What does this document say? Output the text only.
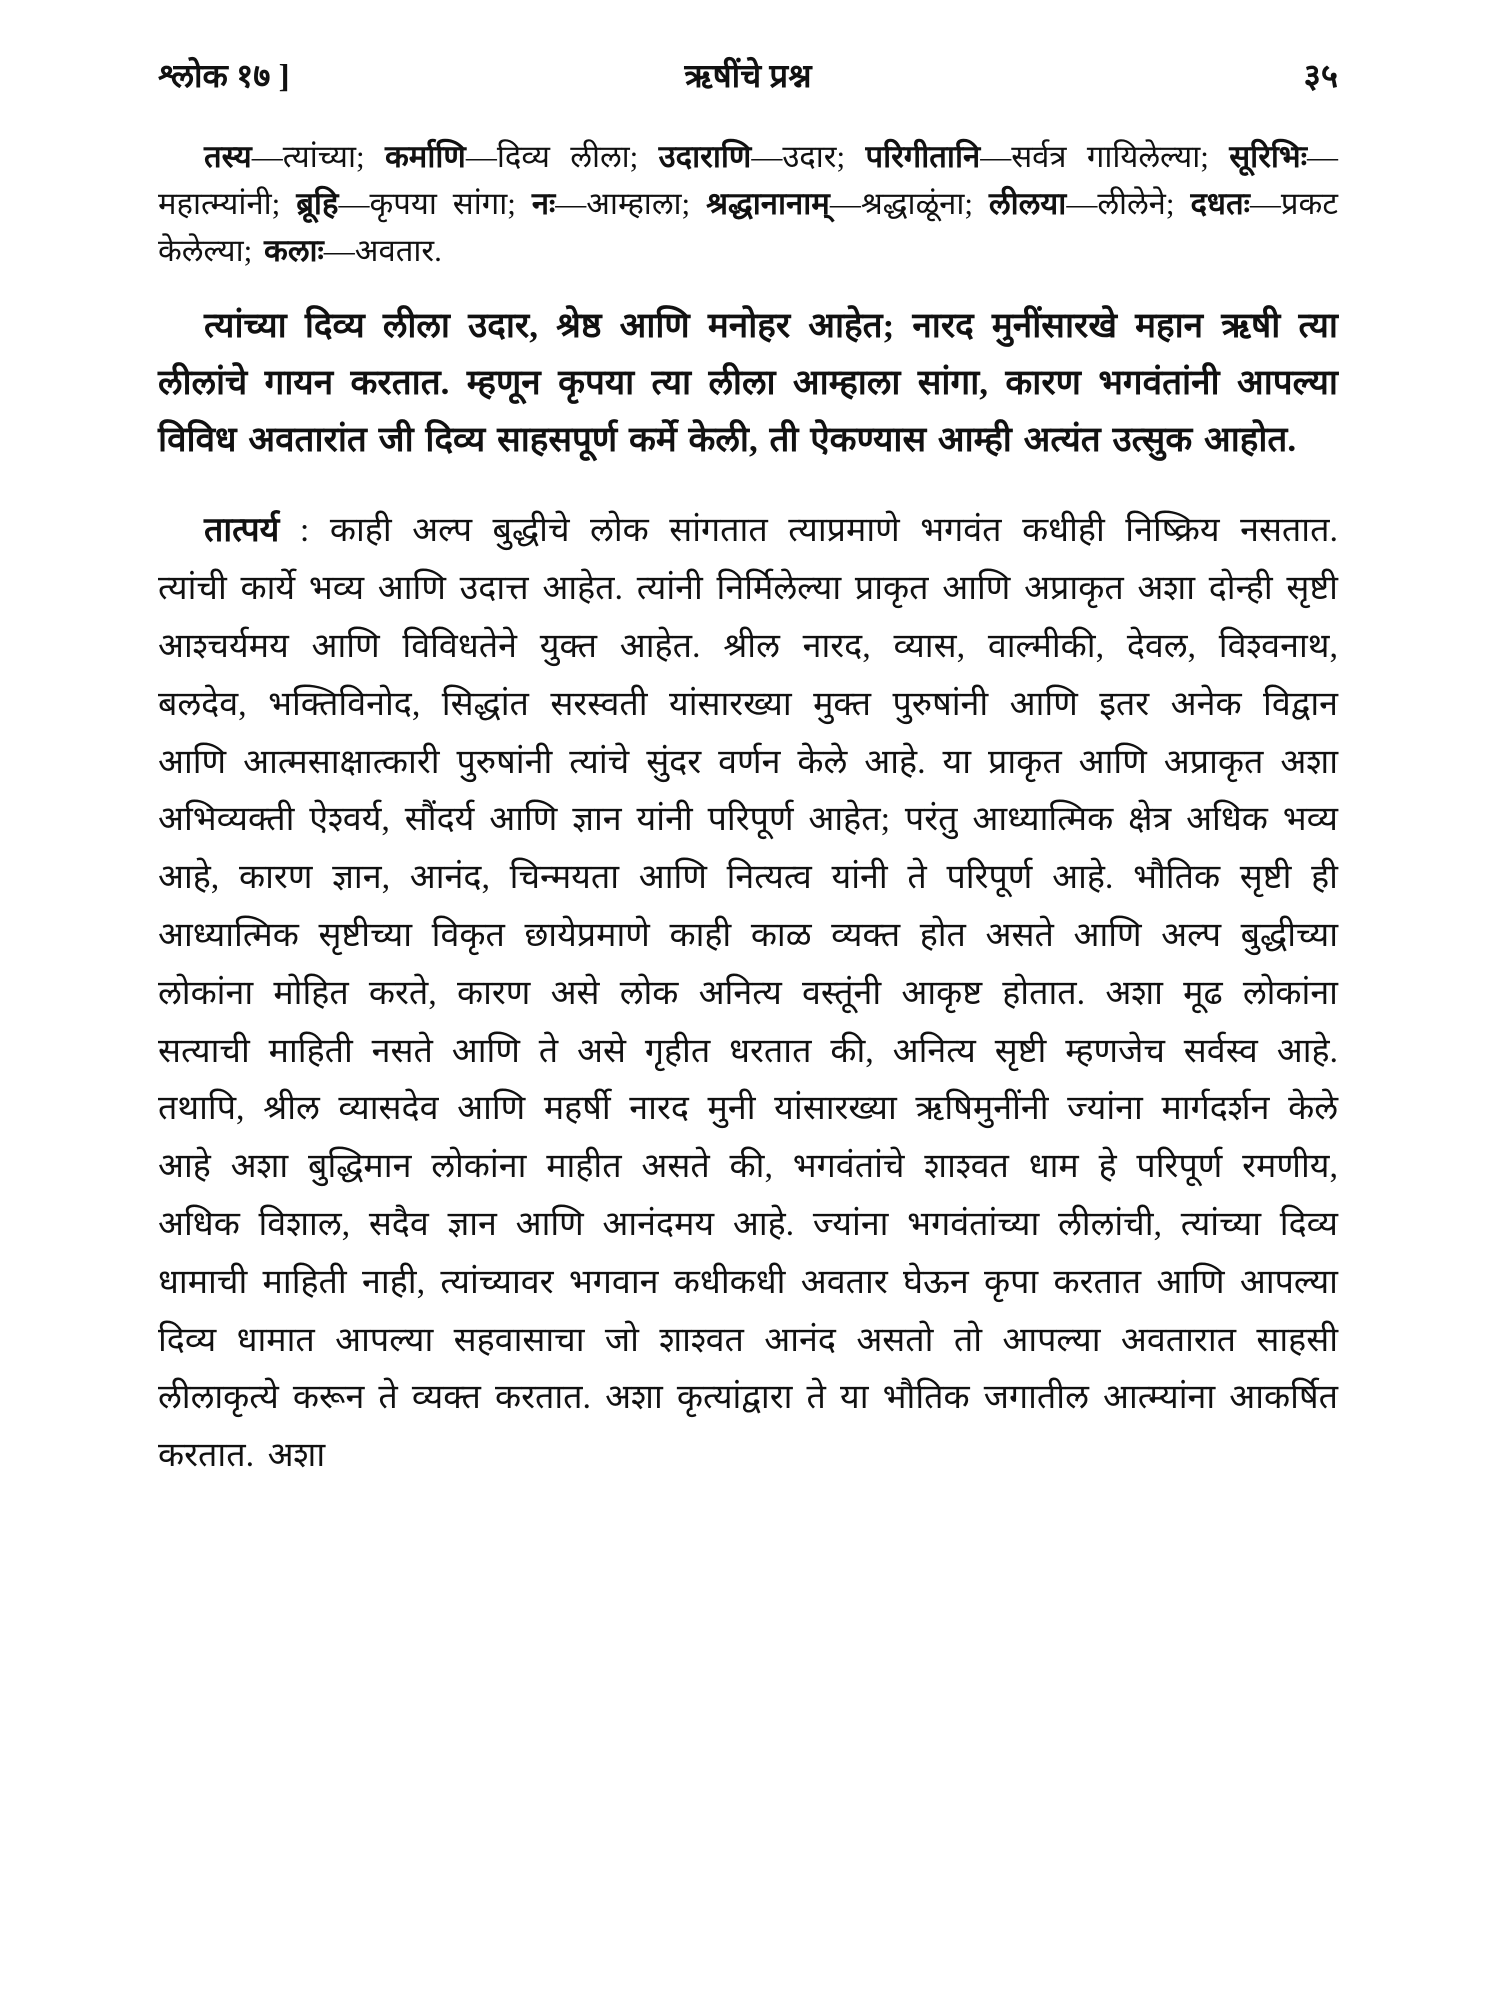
श्लोक १७ ]	ऋषींचे प्रश्न	३५

तस्य—त्यांच्या; कर्माणि—दिव्य लीला; उदाराणि—उदार; परिगीतानि—सर्वत्र गायिलेल्या; सूरिभिः—महात्म्यांनी; ब्रूहि—कृपया सांगा; नः—आम्हाला; श्रद्धानानाम्—श्रद्धाळूंना; लीलया—लीलेने; दधतः—प्रकट केलेल्या; कलाः—अवतार.

त्यांच्या दिव्य लीला उदार, श्रेष्ठ आणि मनोहर आहेत; नारद मुनींसारखे महान ऋषी त्या लीलांचे गायन करतात. म्हणून कृपया त्या लीला आम्हाला सांगा, कारण भगवंतांनी आपल्या विविध अवतारांत जी दिव्य साहसपूर्ण कर्मे केली, ती ऐकण्यास आम्ही अत्यंत उत्सुक आहोत.

तात्पर्य : काही अल्प बुद्धीचे लोक सांगतात त्याप्रमाणे भगवंत कधीही निष्क्रिय नसतात. त्यांची कार्ये भव्य आणि उदात्त आहेत. त्यांनी निर्मिलेल्या प्राकृत आणि अप्राकृत अशा दोन्ही सृष्टी आश्चर्यमय आणि विविधतेने युक्त आहेत. श्रील नारद, व्यास, वाल्मीकी, देवल, विश्वनाथ, बलदेव, भक्तिविनोद, सिद्धांत सरस्वती यांसारख्या मुक्त पुरुषांनी आणि इतर अनेक विद्वान आणि आत्मसाक्षात्कारी पुरुषांनी त्यांचे सुंदर वर्णन केले आहे. या प्राकृत आणि अप्राकृत अशा अभिव्यक्ती ऐश्वर्य, सौंदर्य आणि ज्ञान यांनी परिपूर्ण आहेत; परंतु आध्यात्मिक क्षेत्र अधिक भव्य आहे, कारण ज्ञान, आनंद, चिन्मयता आणि नित्यत्व यांनी ते परिपूर्ण आहे. भौतिक सृष्टी ही आध्यात्मिक सृष्टीच्या विकृत छायेप्रमाणे काही काळ व्यक्त होत असते आणि अल्प बुद्धीच्या लोकांना मोहित करते, कारण असे लोक अनित्य वस्तूंनी आकृष्ट होतात. अशा मूढ लोकांना सत्याची माहिती नसते आणि ते असे गृहीत धरतात की, अनित्य सृष्टी म्हणजेच सर्वस्व आहे. तथापि, श्रील व्यासदेव आणि महर्षी नारद मुनी यांसारख्या ऋषिमुनींनी ज्यांना मार्गदर्शन केले आहे अशा बुद्धिमान लोकांना माहीत असते की, भगवंतांचे शाश्वत धाम हे परिपूर्ण रमणीय, अधिक विशाल, सदैव ज्ञान आणि आनंदमय आहे. ज्यांना भगवंतांच्या लीलांची, त्यांच्या दिव्य धामाची माहिती नाही, त्यांच्यावर भगवान कधीकधी अवतार घेऊन कृपा करतात आणि आपल्या दिव्य धामात आपल्या सहवासाचा जो शाश्वत आनंद असतो तो आपल्या अवतारात साहसी लीलाकृत्ये करून ते व्यक्त करतात. अशा कृत्यांद्वारा ते या भौतिक जगातील आत्म्यांना आकर्षित करतात. अशा
